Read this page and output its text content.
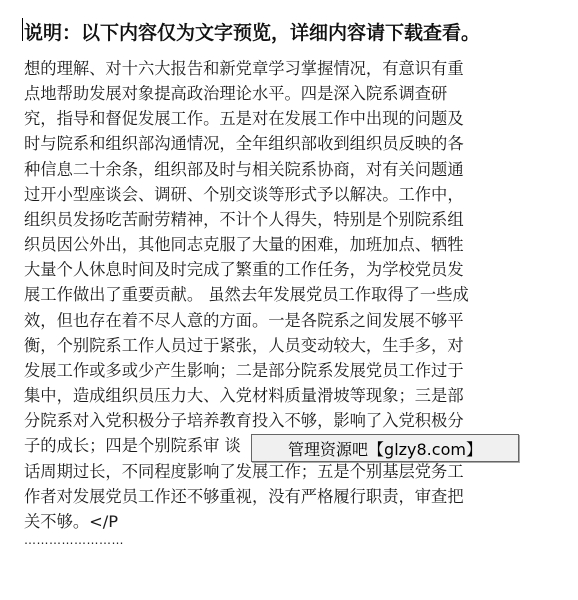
说明：以下内容仅为文字预览，详细内容请下载查看。
想的理解、对十六大报告和新党章学习掌握情况，有意识有重
点地帮助发展对象提高政治理论水平。四是深入院系调查研
究，指导和督促发展工作。五是对在发展工作中出现的问题及
时与院系和组织部沟通情况，全年组织部收到组织员反映的各
种信息二十余条，组织部及时与相关院系协商，对有关问题通
过开小型座谈会、调研、个别交谈等形式予以解决。工作中，
组织员发扬吃苦耐劳精神，不计个人得失，特别是个别院系组
织员因公外出，其他同志克服了大量的困难，加班加点、牺牲
大量个人休息时间及时完成了繁重的工作任务，为学校党员发
展工作做出了重要贡献。 虽然去年发展党员工作取得了一些成
效，但也存在着不尽人意的方面。一是各院系之间发展不够平
衡，个别院系工作人员过于紧张，人员变动较大，生手多，对
发展工作或多或少产生影响；二是部分院系发展党员工作过于
集中，造成组织员压力大、入党材料质量滑坡等现象；三是部
分院系对入党积极分子培养教育投入不够，影响了入党积极分
子的成长；四是个别院系审 谈
话周期过长，不同程度影响了发展工作；五是个别基层党务工
作者对发展党员工作还不够重视，没有严格履行职责，审查把
关不够。</P
……………………
管理资源吧【glzy8.com】
